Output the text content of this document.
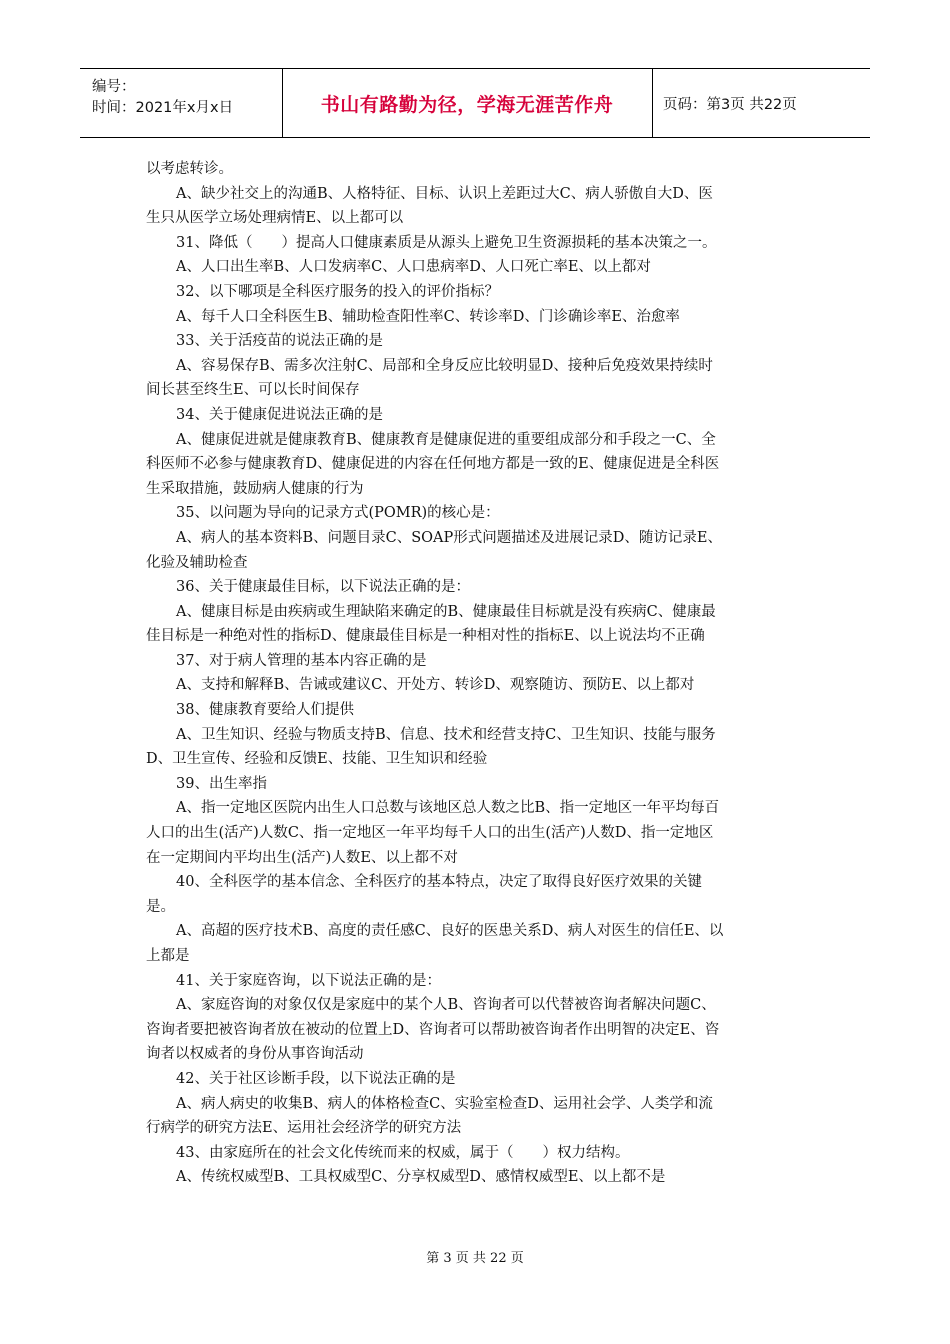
编号：
时间：2021年x月x日	书山有路勤为径，学海无涯苦作舟	页码：第3页 共22页
以考虑转诊。
A、缺少社交上的沟通B、人格特征、目标、认识上差距过大C、病人骄傲自大D、医
生只从医学立场处理病情E、以上都可以
31、降低（　　）提高人口健康素质是从源头上避免卫生资源损耗的基本决策之一。
A、人口出生率B、人口发病率C、人口患病率D、人口死亡率E、以上都对
32、以下哪项是全科医疗服务的投入的评价指标？
A、每千人口全科医生B、辅助检查阳性率C、转诊率D、门诊确诊率E、治愈率
33、关于活疫苗的说法正确的是
A、容易保存B、需多次注射C、局部和全身反应比较明显D、接种后免疫效果持续时
间长甚至终生E、可以长时间保存
34、关于健康促进说法正确的是
A、健康促进就是健康教育B、健康教育是健康促进的重要组成部分和手段之一C、全
科医师不必参与健康教育D、健康促进的内容在任何地方都是一致的E、健康促进是全科医
生采取措施，鼓励病人健康的行为
35、以问题为导向的记录方式(POMR)的核心是：
A、病人的基本资料B、问题目录C、SOAP形式问题描述及进展记录D、随访记录E、
化验及辅助检查
36、关于健康最佳目标，以下说法正确的是：
A、健康目标是由疾病或生理缺陷来确定的B、健康最佳目标就是没有疾病C、健康最
佳目标是一种绝对性的指标D、健康最佳目标是一种相对性的指标E、以上说法均不正确
37、对于病人管理的基本内容正确的是
A、支持和解释B、告诫或建议C、开处方、转诊D、观察随访、预防E、以上都对
38、健康教育要给人们提供
A、卫生知识、经验与物质支持B、信息、技术和经营支持C、卫生知识、技能与服务
D、卫生宣传、经验和反馈E、技能、卫生知识和经验
39、出生率指
A、指一定地区医院内出生人口总数与该地区总人数之比B、指一定地区一年平均每百
人口的出生(活产)人数C、指一定地区一年平均每千人口的出生(活产)人数D、指一定地区
在一定期间内平均出生(活产)人数E、以上都不对
40、全科医学的基本信念、全科医疗的基本特点，决定了取得良好医疗效果的关键
是。
A、高超的医疗技术B、高度的责任感C、良好的医患关系D、病人对医生的信任E、以
上都是
41、关于家庭咨询，以下说法正确的是：
A、家庭咨询的对象仅仅是家庭中的某个人B、咨询者可以代替被咨询者解决问题C、
咨询者要把被咨询者放在被动的位置上D、咨询者可以帮助被咨询者作出明智的决定E、咨
询者以权威者的身份从事咨询活动
42、关于社区诊断手段，以下说法正确的是
A、病人病史的收集B、病人的体格检查C、实验室检查D、运用社会学、人类学和流
行病学的研究方法E、运用社会经济学的研究方法
43、由家庭所在的社会文化传统而来的权威，属于（　　）权力结构。
A、传统权威型B、工具权威型C、分享权威型D、感情权威型E、以上都不是
第 3 页 共 22 页
